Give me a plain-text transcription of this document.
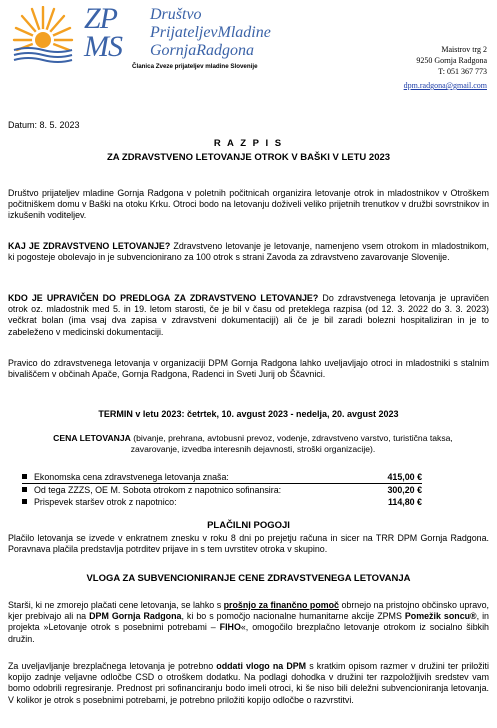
ZP
MS
Društvo
PrijateljevMladine
GornjaRadgona
Članica Zveze prijateljev mladine Slovenije
Maistrov trg 2
9250 Gornja Radgona
T: 051 367 773
dpm.radgona@gmail.com
Datum: 8. 5. 2023
R A Z P I S
ZA ZDRAVSTVENO LETOVANJE OTROK V BAŠKI V LETU 2023
Društvo prijateljev mladine Gornja Radgona v poletnih počitnicah organizira letovanje otrok in mladostnikov v Otroškem počitniškem domu v Baški na otoku Krku. Otroci bodo na letovanju doživeli veliko prijetnih trenutkov v družbi sovrstnikov in izkušenih voditeljev.
KAJ JE ZDRAVSTVENO LETOVANJE? Zdravstveno letovanje je letovanje, namenjeno vsem otrokom in mladostnikom, ki pogosteje obolevajo in je subvencionirano za 100 otrok s strani Zavoda za zdravstveno zavarovanje Slovenije.
KDO JE UPRAVIČEN DO PREDLOGA ZA ZDRAVSTVENO LETOVANJE? Do zdravstvenega letovanja je upravičen otrok oz. mladostnik med 5. in 19. letom starosti, če je bil v času od preteklega razpisa (od 12. 3. 2022 do 3. 3. 2023) večkrat bolan (ima vsaj dva zapisa v zdravstveni dokumentaciji) ali če je bil zaradi bolezni hospitaliziran in je to zabeleženo v medicinski dokumentaciji.
Pravico do zdravstvenega letovanja v organizaciji DPM Gornja Radgona lahko uveljavljajo otroci in mladostniki s stalnim bivališčem v občinah Apače, Gornja Radgona, Radenci in Sveti Jurij ob Ščavnici.
TERMIN v letu 2023: četrtek, 10. avgust 2023 - nedelja, 20. avgust 2023
CENA LETOVANJA (bivanje, prehrana, avtobusni prevoz, vodenje, zdravstveno varstvo, turistična taksa, zavarovanje, izvedba interesnih dejavnosti, stroški organizacije).
Ekonomska cena zdravstvenega letovanja znaša:	415,00 €
Od tega ZZZS, OE M. Sobota otrokom z napotnico sofinansira:	300,20 €
Prispevek staršev otrok z napotnico:	114,80 €
PLAČILNI POGOJI
Plačilo letovanja se izvede v enkratnem znesku v roku 8 dni po prejetju računa in sicer na TRR DPM Gornja Radgona. Poravnava plačila predstavlja potrditev prijave in s tem uvrstitev otroka v skupino.
VLOGA ZA SUBVENCIONIRANJE CENE ZDRAVSTVENEGA LETOVANJA
Starši, ki ne zmorejo plačati cene letovanja, se lahko s prošnjo za finančno pomoč obrnejo na pristojno občinsko upravo, kjer prebivajo ali na DPM Gornja Radgona, ki bo s pomočjo nacionalne humanitarne akcije ZPMS Pomežik soncu®, in projekta »Letovanje otrok s posebnimi potrebami – FIHO«, omogočilo brezplačno letovanje otrokom iz socialno šibkih družin.
Za uveljavljanje brezplačnega letovanja je potrebno oddati vlogo na DPM s kratkim opisom razmer v družini ter priložiti kopijo zadnje veljavne odločbe CSD o otroškem dodatku. Na podlagi dohodka v družini ter razpoložljivih sredstev vam bomo odobrili regresiranje. Prednost pri sofinanciranju bodo imeli otroci, ki še niso bili deležni subvencioniranja letovanja. V kolikor je otrok s posebnimi potrebami, je potrebno priložiti kopijo odločbe o razvrstitvi.
